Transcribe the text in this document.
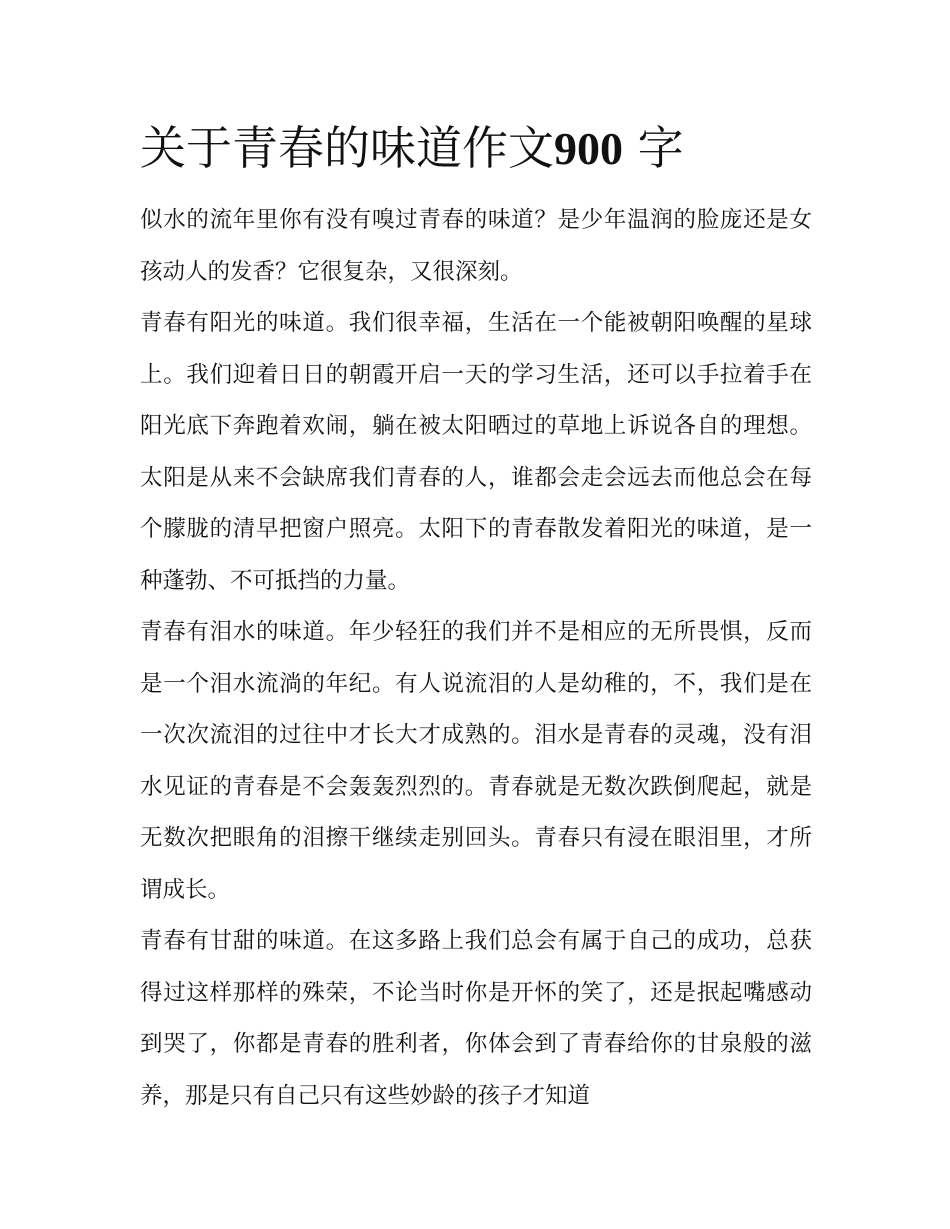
关于青春的味道作文900 字

似水的流年里你有没有嗅过青春的味道？是少年温润的脸庞还是女孩动人的发香？它很复杂，又很深刻。

青春有阳光的味道。我们很幸福，生活在一个能被朝阳唤醒的星球上。我们迎着日日的朝霞开启一天的学习生活，还可以手拉着手在阳光底下奔跑着欢闹，躺在被太阳晒过的草地上诉说各自的理想。太阳是从来不会缺席我们青春的人，谁都会走会远去而他总会在每个朦胧的清早把窗户照亮。太阳下的青春散发着阳光的味道，是一种蓬勃、不可抵挡的力量。

青春有泪水的味道。年少轻狂的我们并不是相应的无所畏惧，反而是一个泪水流淌的年纪。有人说流泪的人是幼稚的，不，我们是在一次次流泪的过往中才长大才成熟的。泪水是青春的灵魂，没有泪水见证的青春是不会轰轰烈烈的。青春就是无数次跌倒爬起，就是无数次把眼角的泪擦干继续走别回头。青春只有浸在眼泪里，才所谓成长。

青春有甘甜的味道。在这多路上我们总会有属于自己的成功，总获得过这样那样的殊荣，不论当时你是开怀的笑了，还是抿起嘴感动到哭了，你都是青春的胜利者，你体会到了青春给你的甘泉般的滋养，那是只有自己只有这些妙龄的孩子才知道
